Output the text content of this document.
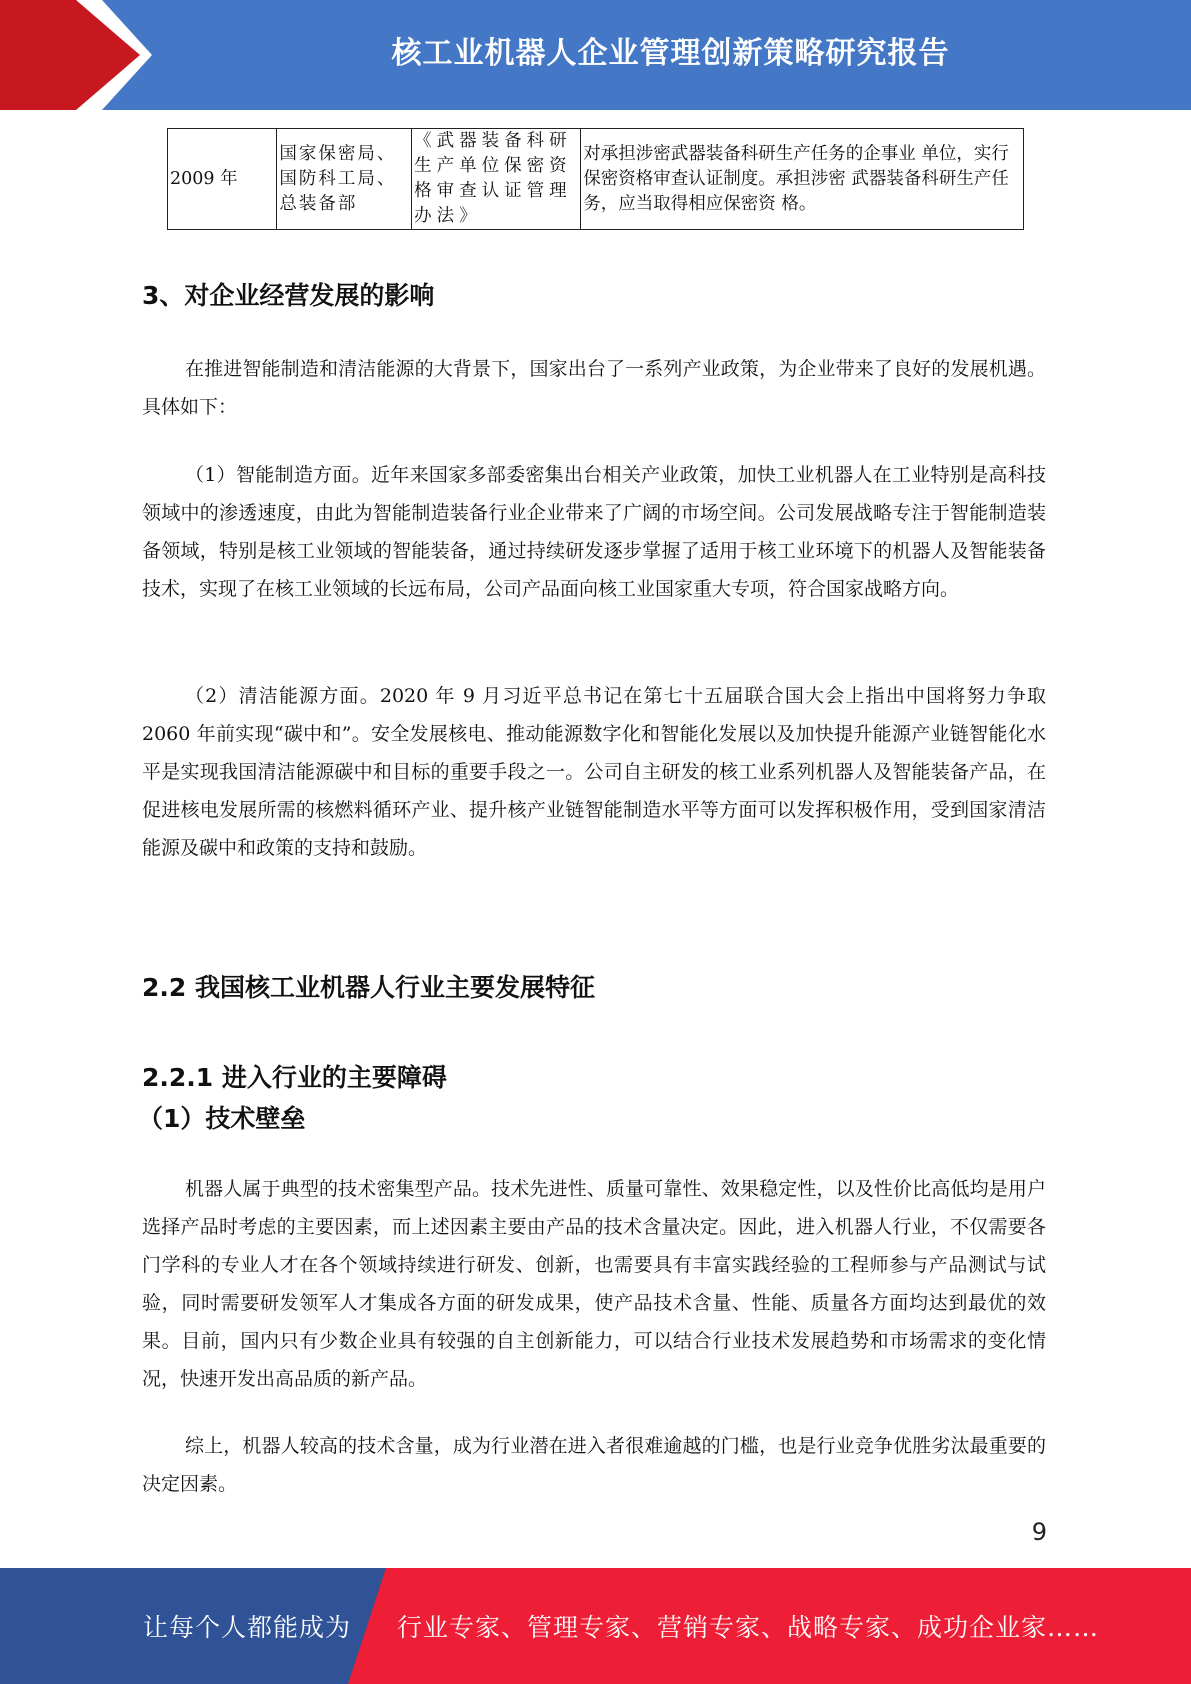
核工业机器人企业管理创新策略研究报告
2009 年	国家保密局、国防科工局、总装备部	《武器装备科研生产单位保密资格审查认证管理办法》	对承担涉密武器装备科研生产任务的企事业 单位，实行保密资格审查认证制度。承担涉密 武器装备科研生产任务，应当取得相应保密资 格。
3、对企业经营发展的影响

在推进智能制造和清洁能源的大背景下，国家出台了一系列产业政策，为企业带来了良好的发展机遇。具体如下：

（1）智能制造方面。近年来国家多部委密集出台相关产业政策，加快工业机器人在工业特别是高科技领域中的渗透速度，由此为智能制造装备行业企业带来了广阔的市场空间。公司发展战略专注于智能制造装备领域，特别是核工业领域的智能装备，通过持续研发逐步掌握了适用于核工业环境下的机器人及智能装备技术，实现了在核工业领域的长远布局，公司产品面向核工业国家重大专项，符合国家战略方向。

（2）清洁能源方面。2020 年 9 月习近平总书记在第七十五届联合国大会上指出中国将努力争取 2060 年前实现“碳中和”。安全发展核电、推动能源数字化和智能化发展以及加快提升能源产业链智能化水平是实现我国清洁能源碳中和目标的重要手段之一。公司自主研发的核工业系列机器人及智能装备产品，在促进核电发展所需的核燃料循环产业、提升核产业链智能制造水平等方面可以发挥积极作用，受到国家清洁能源及碳中和政策的支持和鼓励。

2.2 我国核工业机器人行业主要发展特征
2.2.1 进入行业的主要障碍
（1）技术壁垒

机器人属于典型的技术密集型产品。技术先进性、质量可靠性、效果稳定性，以及性价比高低均是用户选择产品时考虑的主要因素，而上述因素主要由产品的技术含量决定。因此，进入机器人行业，不仅需要各门学科的专业人才在各个领域持续进行研发、创新，也需要具有丰富实践经验的工程师参与产品测试与试验，同时需要研发领军人才集成各方面的研发成果，使产品技术含量、性能、质量各方面均达到最优的效果。目前，国内只有少数企业具有较强的自主创新能力，可以结合行业技术发展趋势和市场需求的变化情况，快速开发出高品质的新产品。

综上，机器人较高的技术含量，成为行业潜在进入者很难逾越的门槛，也是行业竞争优胜劣汰最重要的决定因素。

9
让每个人都能成为 行业专家、管理专家、营销专家、战略专家、成功企业家……
